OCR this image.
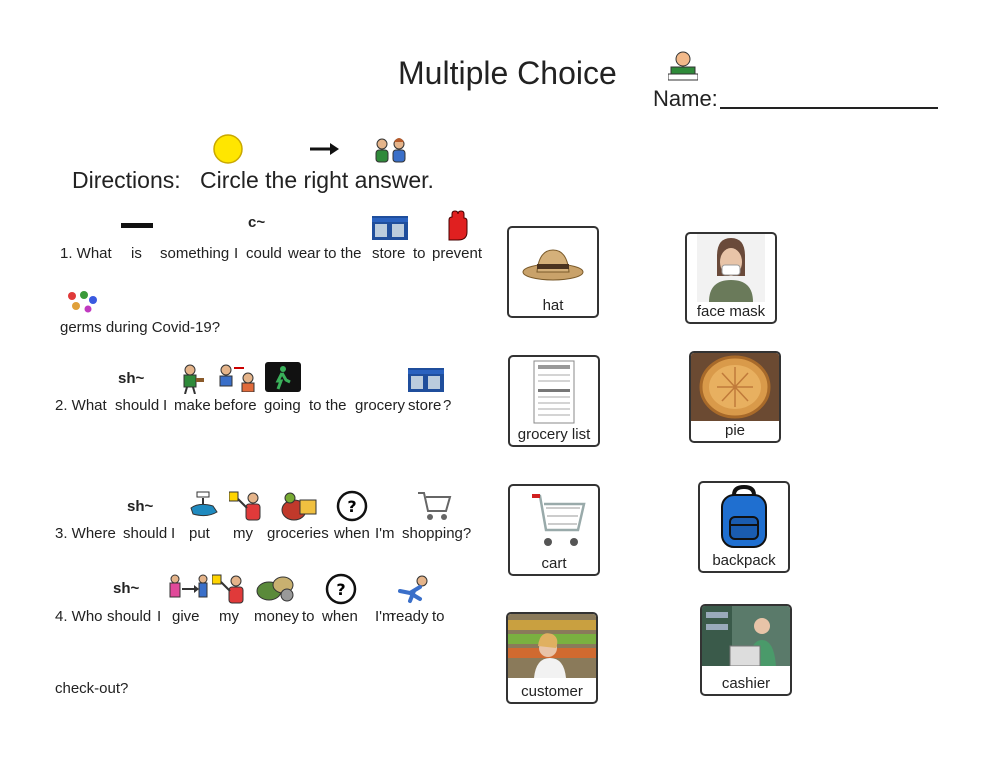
Multiple Choice
Name:
Directions: Circle the right answer.
c~
1. What is something I could wear to the store to prevent
germs during Covid-19?
sh~
2. What should I make before going to the grocery store ?
sh~	?
3. Where should I put my groceries when I'm shopping?
sh~	?
4. Who should I give my money to when I'm
ready to
check-out?
hat	face mask
grocery list	pie
cart	backpack
customer	cashier
